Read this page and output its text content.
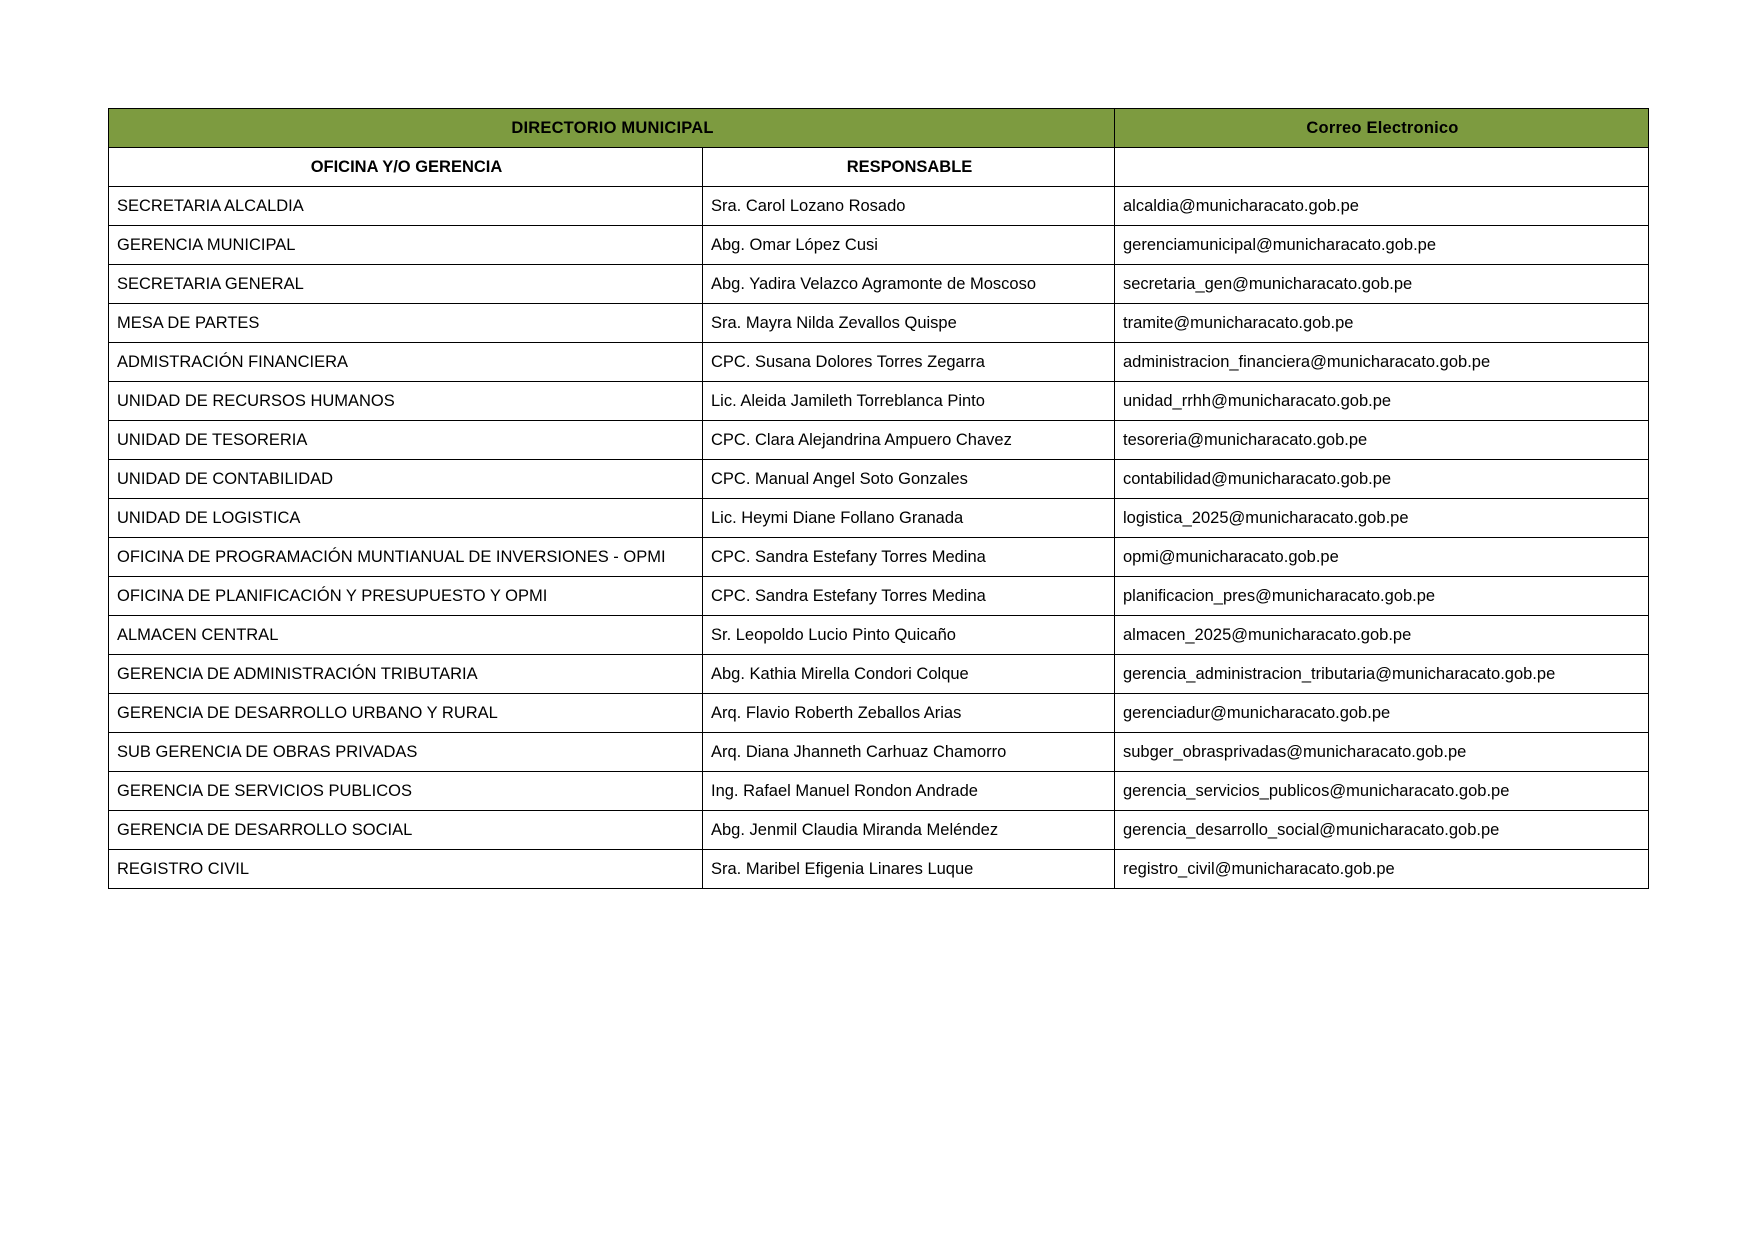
DIRECTORIO MUNICIPAL		Correo Electronico
OFICINA Y/O GERENCIA	RESPONSABLE	
SECRETARIA ALCALDIA	Sra. Carol Lozano Rosado	alcaldia@municharacato.gob.pe
GERENCIA MUNICIPAL	Abg. Omar López Cusi	gerenciamunicipal@municharacato.gob.pe
SECRETARIA GENERAL	Abg. Yadira Velazco Agramonte de Moscoso	secretaria_gen@municharacato.gob.pe
MESA DE PARTES	Sra. Mayra Nilda Zevallos Quispe	tramite@municharacato.gob.pe
ADMISTRACIÓN FINANCIERA	CPC. Susana Dolores Torres Zegarra	administracion_financiera@municharacato.gob.pe
UNIDAD DE RECURSOS HUMANOS	Lic. Aleida Jamileth Torreblanca Pinto	unidad_rrhh@municharacato.gob.pe
UNIDAD DE TESORERIA	CPC. Clara Alejandrina Ampuero Chavez	tesoreria@municharacato.gob.pe
UNIDAD DE CONTABILIDAD	CPC. Manual Angel Soto Gonzales	contabilidad@municharacato.gob.pe
UNIDAD DE LOGISTICA	Lic. Heymi Diane Follano Granada	logistica_2025@municharacato.gob.pe
OFICINA DE PROGRAMACIÓN MUNTIANUAL DE INVERSIONES - OPMI	CPC. Sandra Estefany Torres Medina	opmi@municharacato.gob.pe
OFICINA DE PLANIFICACIÓN Y PRESUPUESTO Y OPMI	CPC. Sandra Estefany Torres Medina	planificacion_pres@municharacato.gob.pe
ALMACEN CENTRAL	Sr. Leopoldo Lucio Pinto Quicaño	almacen_2025@municharacato.gob.pe
GERENCIA DE ADMINISTRACIÓN TRIBUTARIA	Abg. Kathia Mirella Condori Colque	gerencia_administracion_tributaria@municharacato.gob.pe
GERENCIA DE DESARROLLO URBANO Y RURAL	Arq. Flavio Roberth Zeballos Arias	gerenciadur@municharacato.gob.pe
SUB GERENCIA DE OBRAS PRIVADAS	Arq. Diana Jhanneth Carhuaz Chamorro	subger_obrasprivadas@municharacato.gob.pe
GERENCIA DE SERVICIOS PUBLICOS	Ing. Rafael Manuel Rondon Andrade	gerencia_servicios_publicos@municharacato.gob.pe
GERENCIA DE DESARROLLO SOCIAL	Abg. Jenmil Claudia Miranda Meléndez	gerencia_desarrollo_social@municharacato.gob.pe
REGISTRO CIVIL	Sra. Maribel Efigenia Linares Luque	registro_civil@municharacato.gob.pe
